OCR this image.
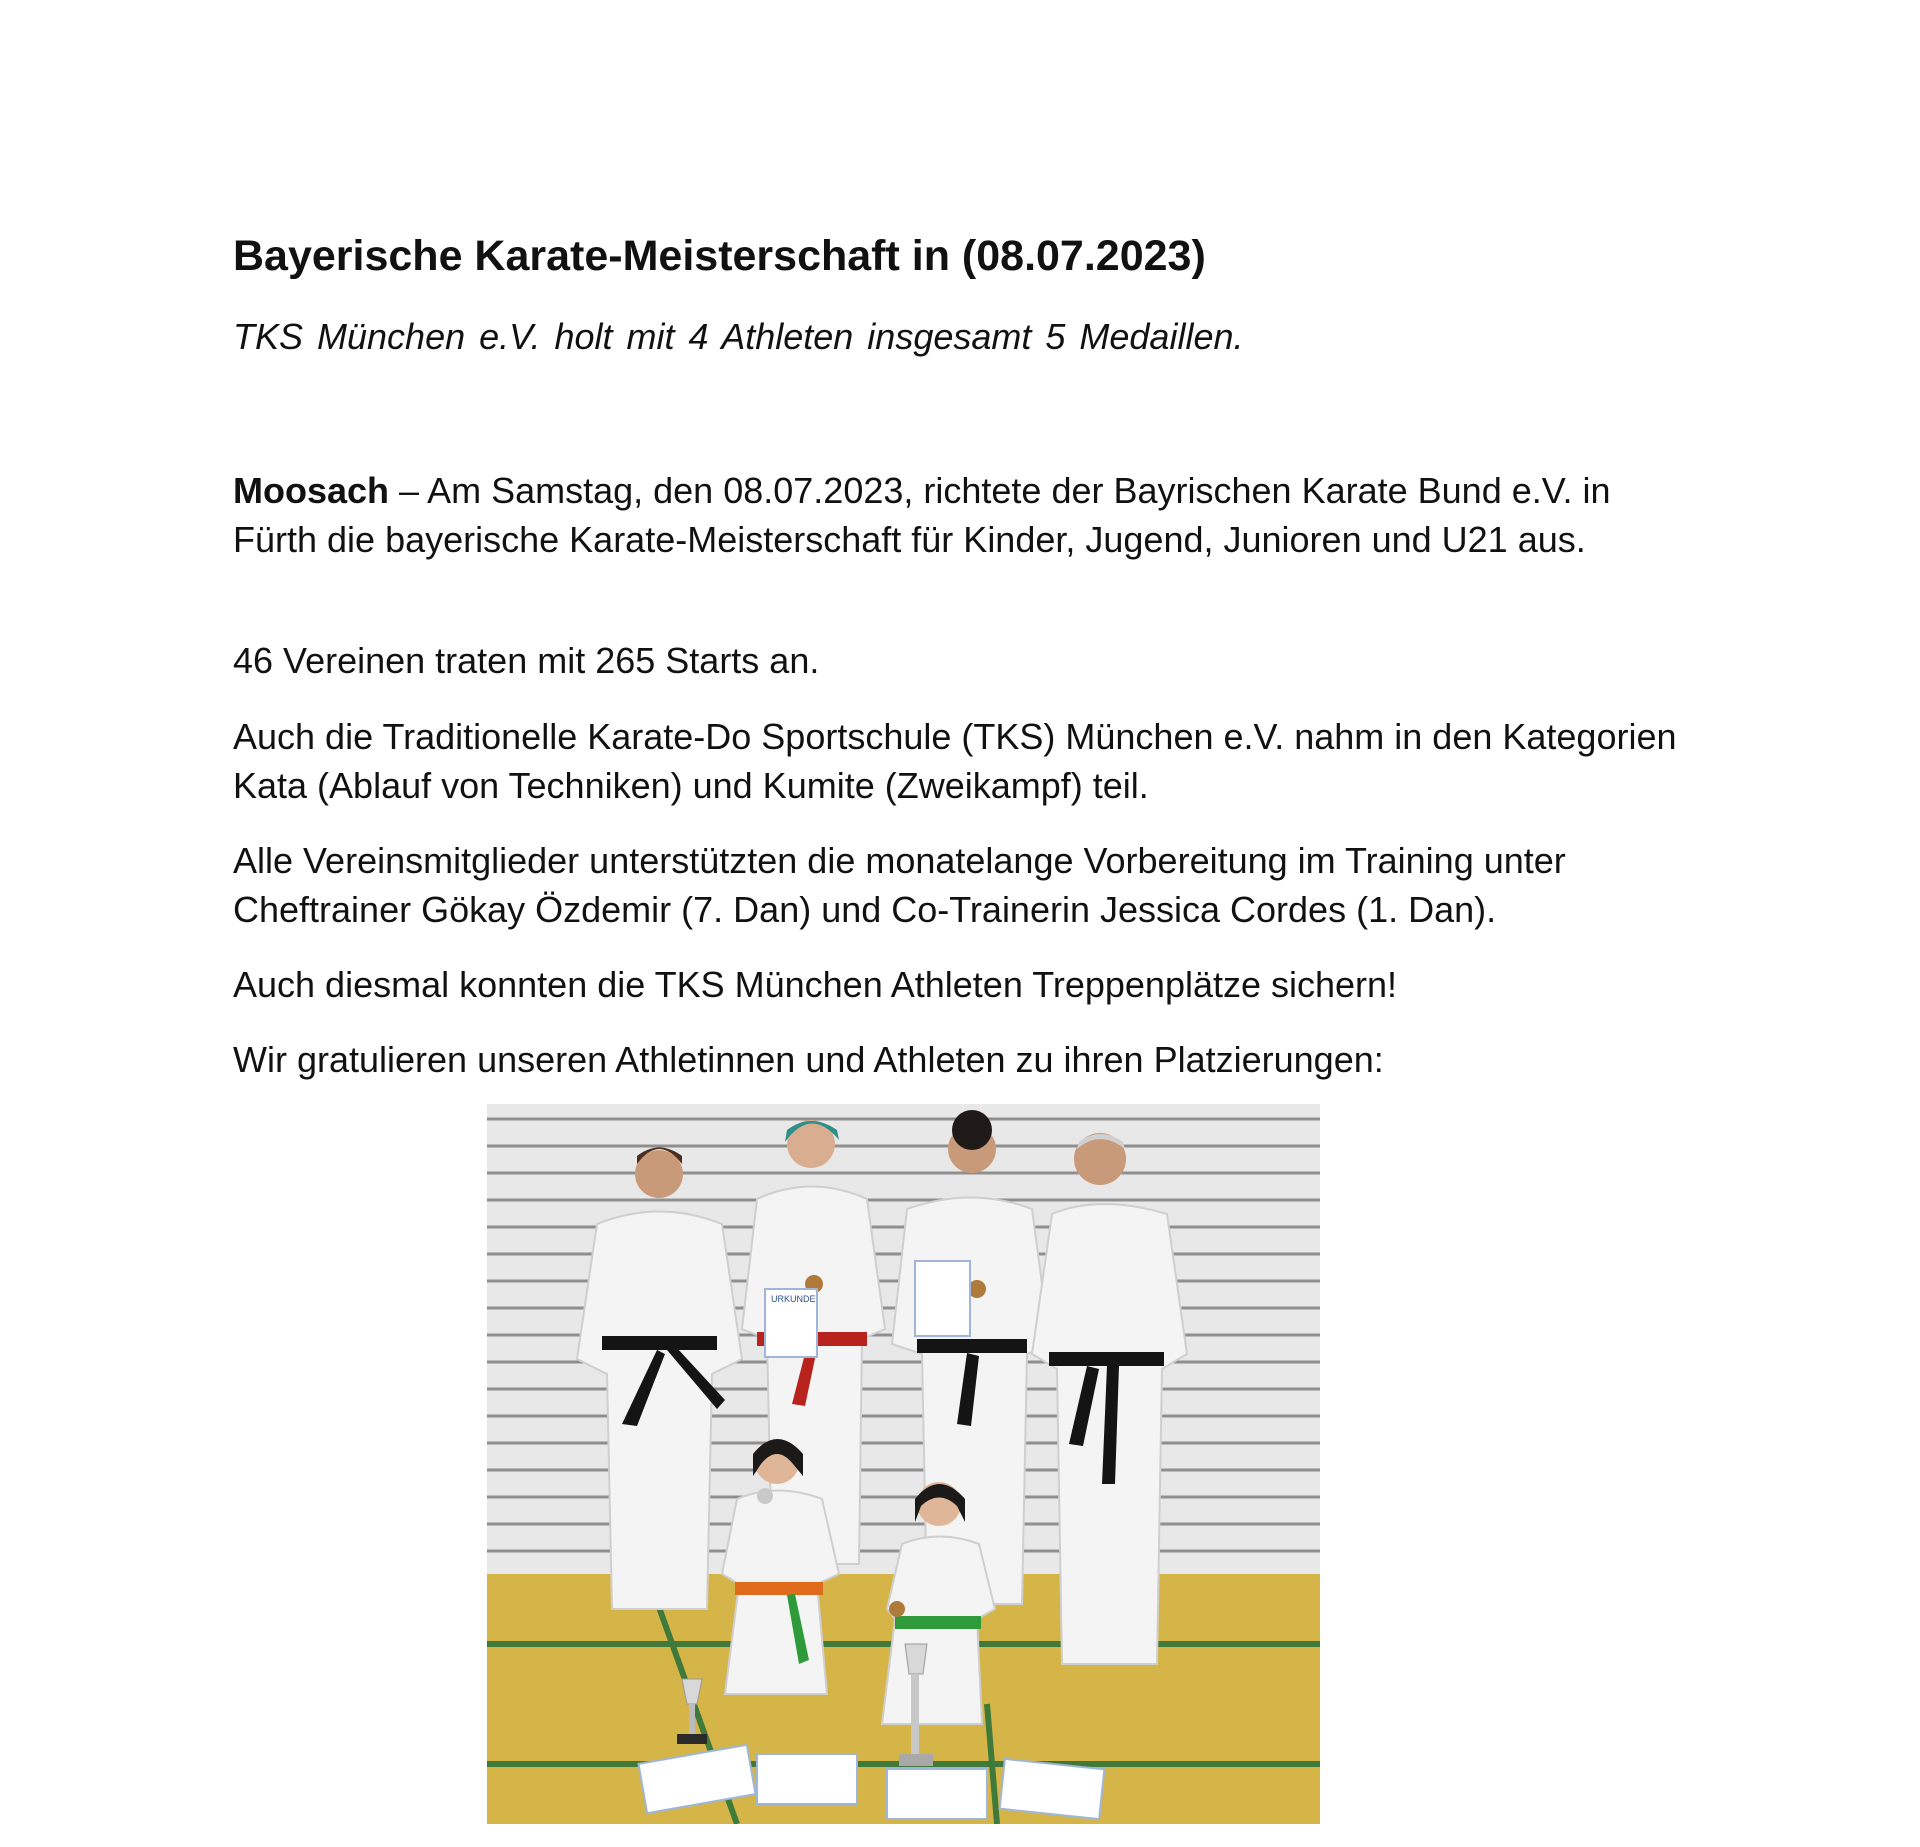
Bayerische Karate-Meisterschaft in (08.07.2023)

TKS München e.V. holt mit 4 Athleten insgesamt 5 Medaillen.

Moosach – Am Samstag, den 08.07.2023, richtete der Bayrischen Karate Bund e.V. in Fürth die bayerische Karate-Meisterschaft für Kinder, Jugend, Junioren und U21 aus.

46 Vereinen traten mit 265 Starts an.

Auch die Traditionelle Karate-Do Sportschule (TKS) München e.V. nahm in den Kategorien Kata (Ablauf von Techniken) und Kumite (Zweikampf) teil.

Alle Vereinsmitglieder unterstützten die monatelange Vorbereitung im Training unter Cheftrainer Gökay Özdemir (7. Dan) und Co-Trainerin Jessica Cordes (1. Dan).

Auch diesmal konnten die TKS München Athleten Treppenplätze sichern!

Wir gratulieren unseren Athletinnen und Athleten zu ihren Platzierungen:

URKUNDE
